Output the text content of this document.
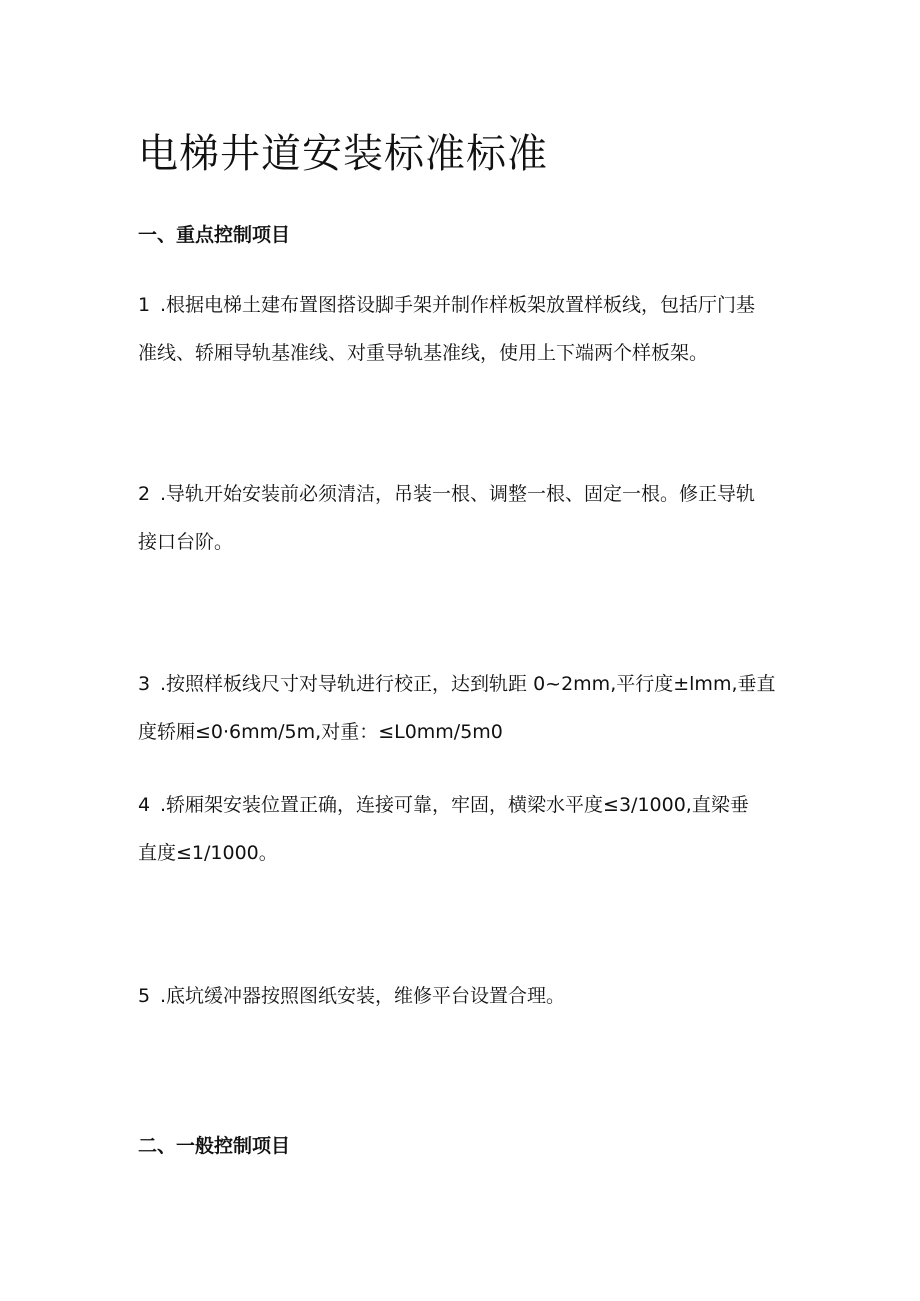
电梯井道安装标准标准
一、重点控制项目

1 .根据电梯土建布置图搭设脚手架并制作样板架放置样板线，包括厅门基
准线、轿厢导轨基准线、对重导轨基准线，使用上下端两个样板架。

2 .导轨开始安装前必须清洁，吊装一根、调整一根、固定一根。修正导轨
接口台阶。

3 .按照样板线尺寸对导轨进行校正，达到轨距 0~2mm,平行度±lmm,垂直
度轿厢≤0·6mm∕5m,对重：≤L0mm∕5m0

4 .轿厢架安装位置正确，连接可靠，牢固，横梁水平度≤3/1000,直梁垂
直度≤1/1000。

5 .底坑缓冲器按照图纸安装，维修平台设置合理。

二、一般控制项目
